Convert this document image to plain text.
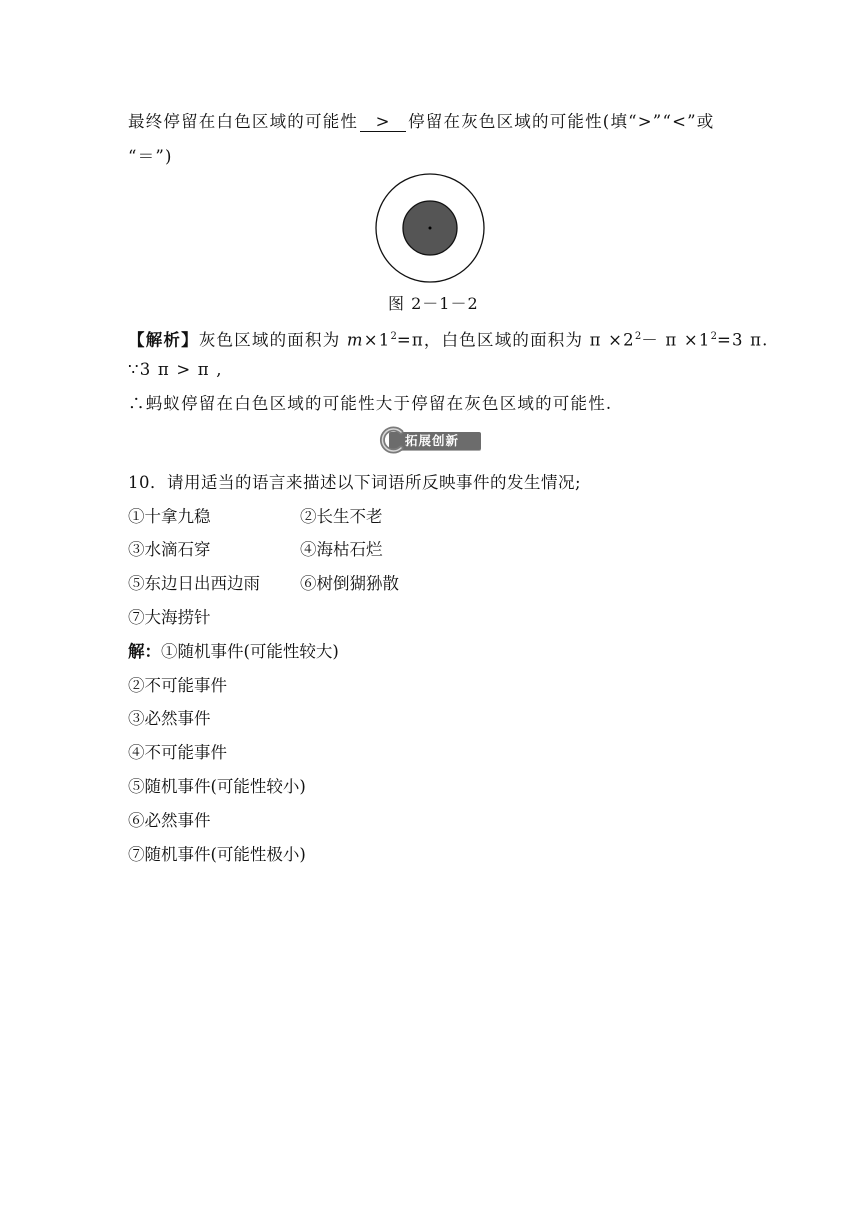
最终停留在白色区域的可能性 > 停留在灰色区域的可能性(填“>”“<”或
“＝”)
图 2－1－2
【解析】灰色区域的面积为 $m\times 1^2=\pi$，白色区域的面积为 $\pi \times 2^2- \pi \times 1^2=3$ π.
∵3 π > π ,
∴蚂蚁停留在白色区域的可能性大于停留在灰色区域的可能性.
拓展创新
10．请用适当的语言来描述以下词语所反映事件的发生情况;
①十拿九稳	②长生不老
③水滴石穿	④海枯石烂
⑤东边日出西边雨 ⑥树倒猢狲散
⑦大海捞针
解：①随机事件(可能性较大)
②不可能事件
③必然事件
④不可能事件
⑤随机事件(可能性较小)
⑥必然事件
⑦随机事件(可能性极小)
